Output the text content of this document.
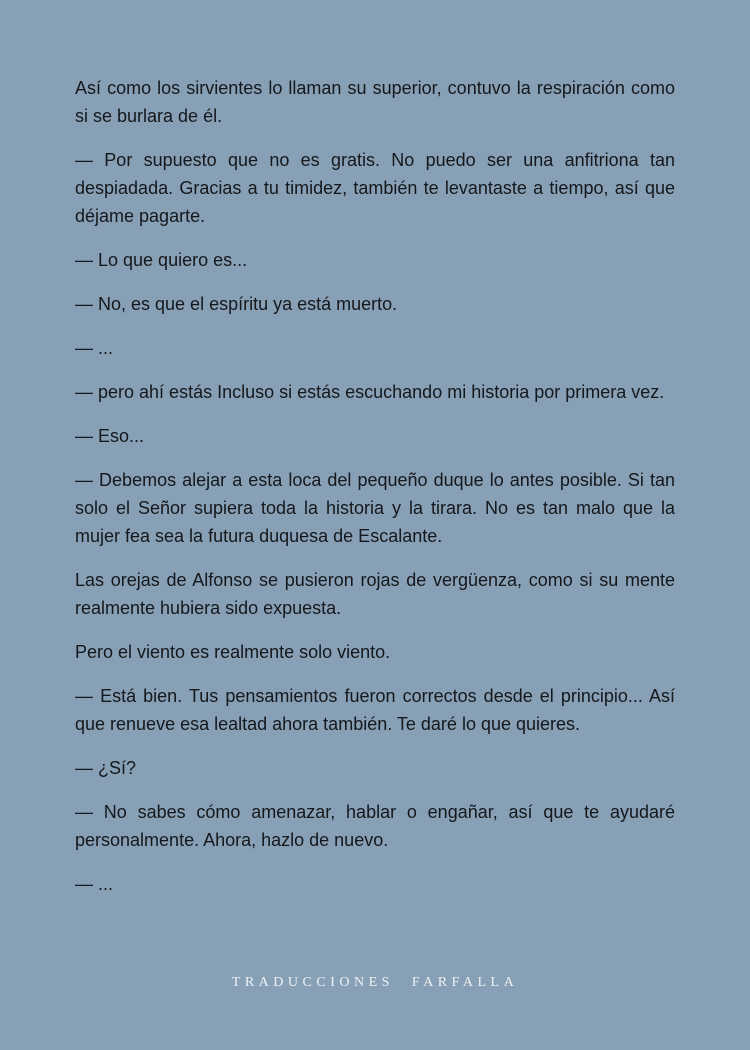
Así como los sirvientes lo llaman su superior, contuvo la respiración como si se burlara de él.

— Por supuesto que no es gratis. No puedo ser una anfitriona tan despiadada. Gracias a tu timidez, también te levantaste a tiempo, así que déjame pagarte.

— Lo que quiero es...

— No, es que el espíritu ya está muerto.

— ...

— pero ahí estás Incluso si estás escuchando mi historia por primera vez.

— Eso...

— Debemos alejar a esta loca del pequeño duque lo antes posible. Si tan solo el Señor supiera toda la historia y la tirara. No es tan malo que la mujer fea sea la futura duquesa de Escalante.

Las orejas de Alfonso se pusieron rojas de vergüenza, como si su mente realmente hubiera sido expuesta.

Pero el viento es realmente solo viento.

— Está bien. Tus pensamientos fueron correctos desde el principio... Así que renueve esa lealtad ahora también. Te daré lo que quieres.

— ¿Sí?

— No sabes cómo amenazar, hablar o engañar, así que te ayudaré personalmente. Ahora, hazlo de nuevo.

— ...

TRADUCCIONES FARFALLA
